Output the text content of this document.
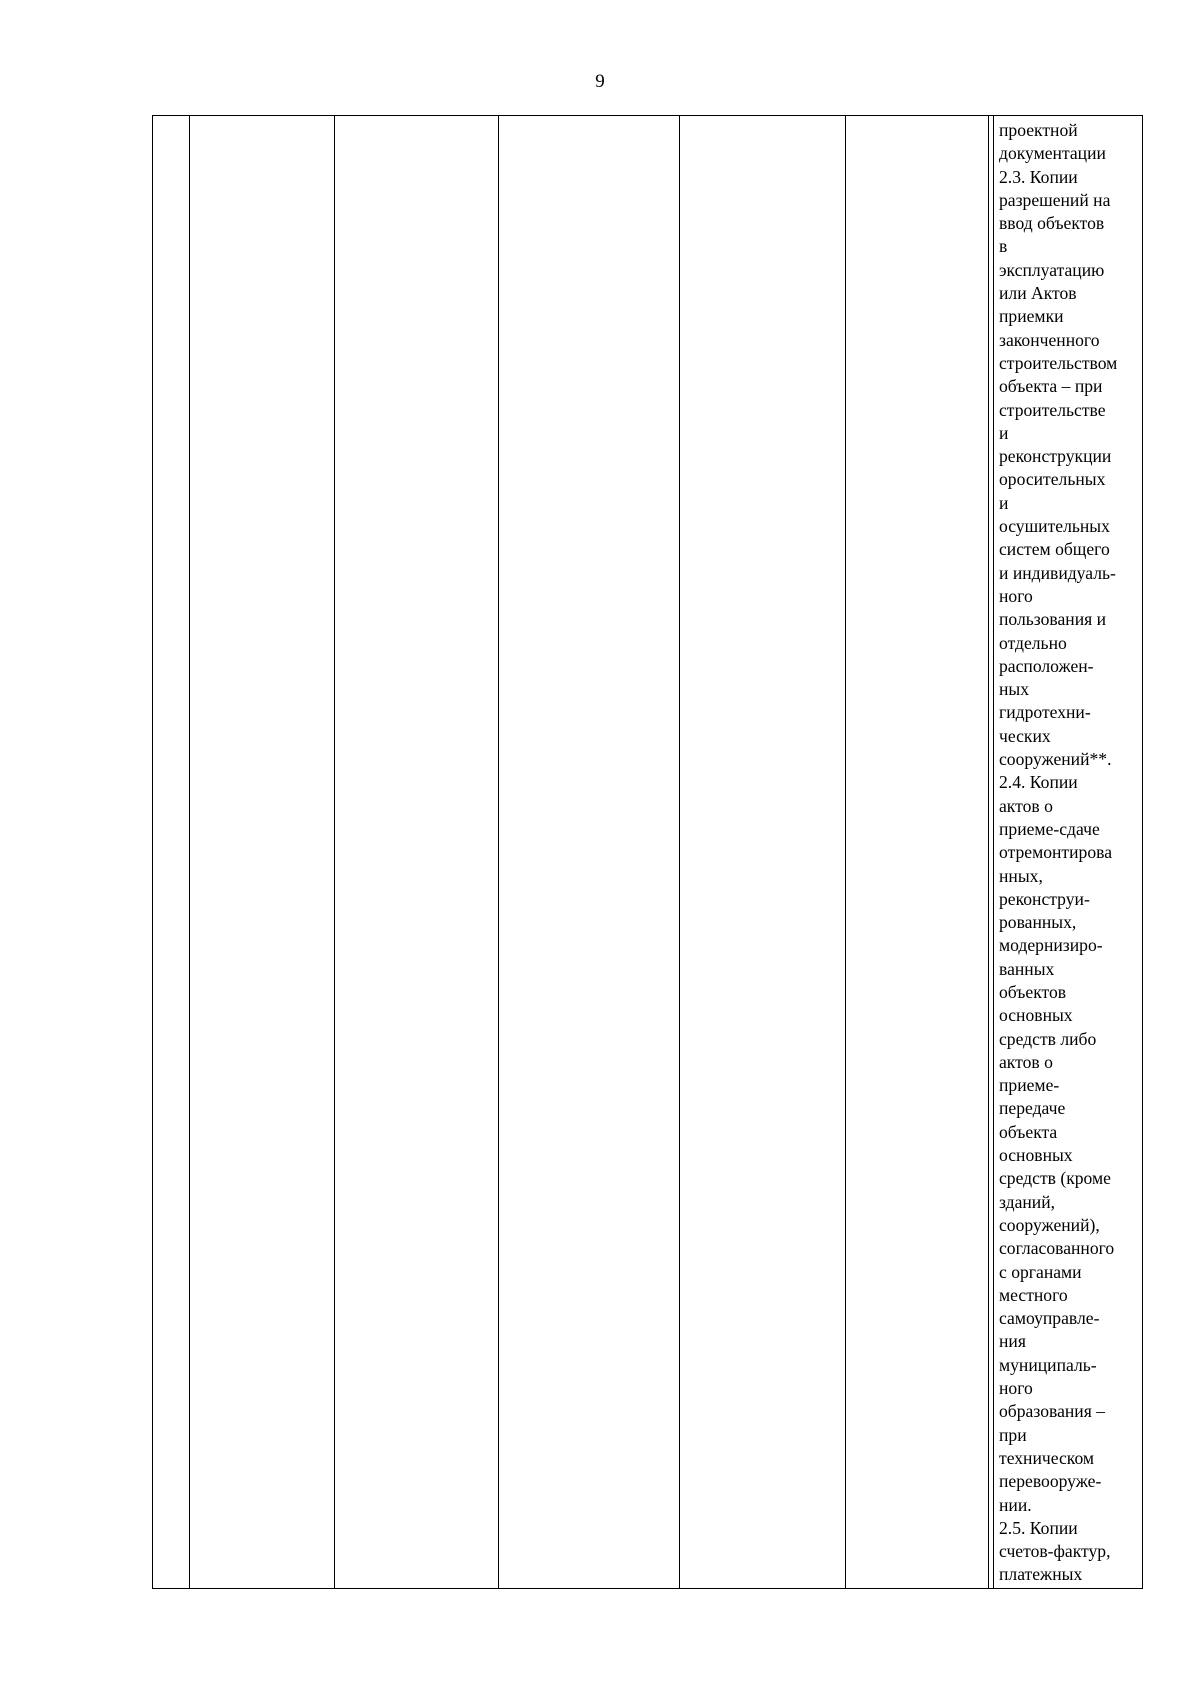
9

проектной
документации
2.3. Копии
разрешений на
ввод объектов
в
эксплуатацию
или Актов
приемки
законченного
строительством
объекта – при
строительстве
и
реконструкции
оросительных
и
осушительных
систем общего
и индивидуаль-
ного
пользования и
отдельно
расположен-
ных
гидротехни-
ческих
сооружений**.
2.4. Копии
актов о
приеме-сдаче
отремонтирова
нных,
реконструи-
рованных,
модернизиро-
ванных
объектов
основных
средств либо
актов о
приеме-
передаче
объекта
основных
средств (кроме
зданий,
сооружений),
согласованного
с органами
местного
самоуправле-
ния
муниципаль-
ного
образования –
при
техническом
перевооруже-
нии.
2.5. Копии
счетов-фактур,
платежных
